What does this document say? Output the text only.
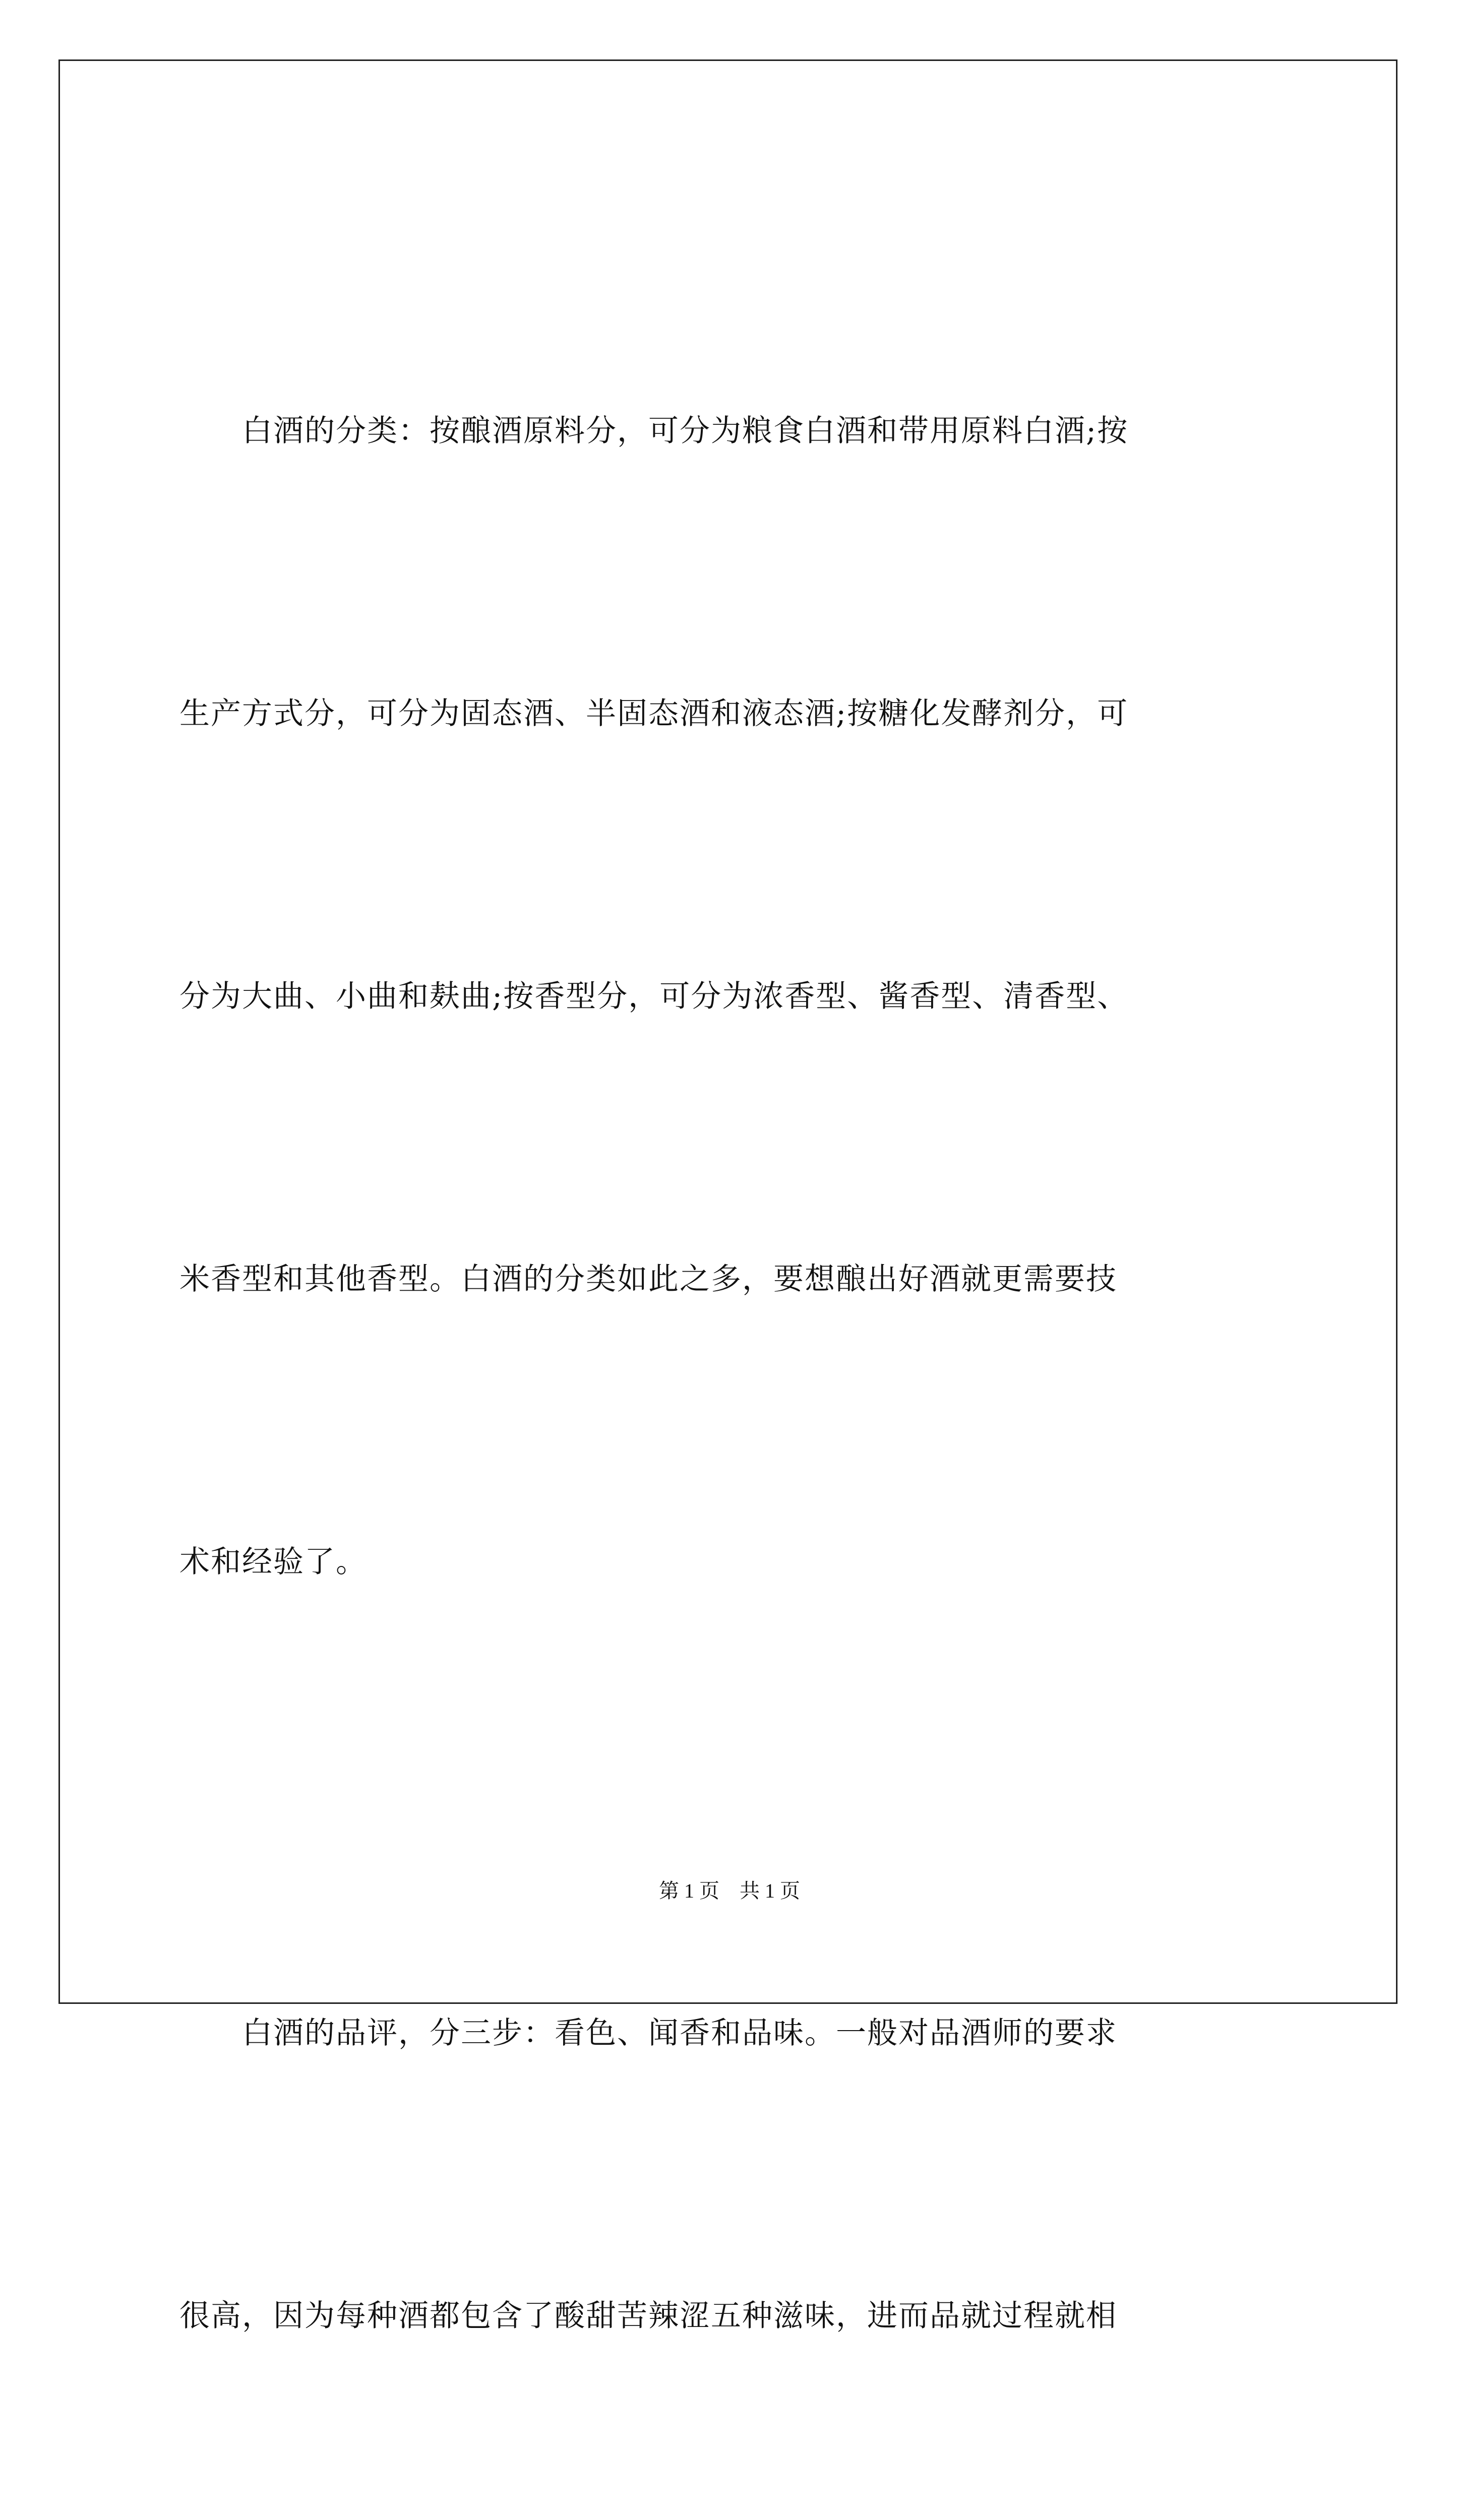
　　白酒的分类：按酿酒原料分，可分为粮食白酒和带用原料白酒;按

生产方式分，可分为固态酒、半固态酒和液态酒;按糖化发酵剂分，可

分为大曲、小曲和麸曲;按香型分，可分为浓香型、酱香型、清香型、

米香型和其他香型。白酒的分类如此之多，要想酿出好酒就更需要技

术和经验了。

　　白酒的品评，分三步：看色、闻香和品味。一般对品酒师的要求

很高，因为每种酒都包含了酸甜苦辣涩五种滋味，进而品就过程就相

第 1 页　共 1 页
